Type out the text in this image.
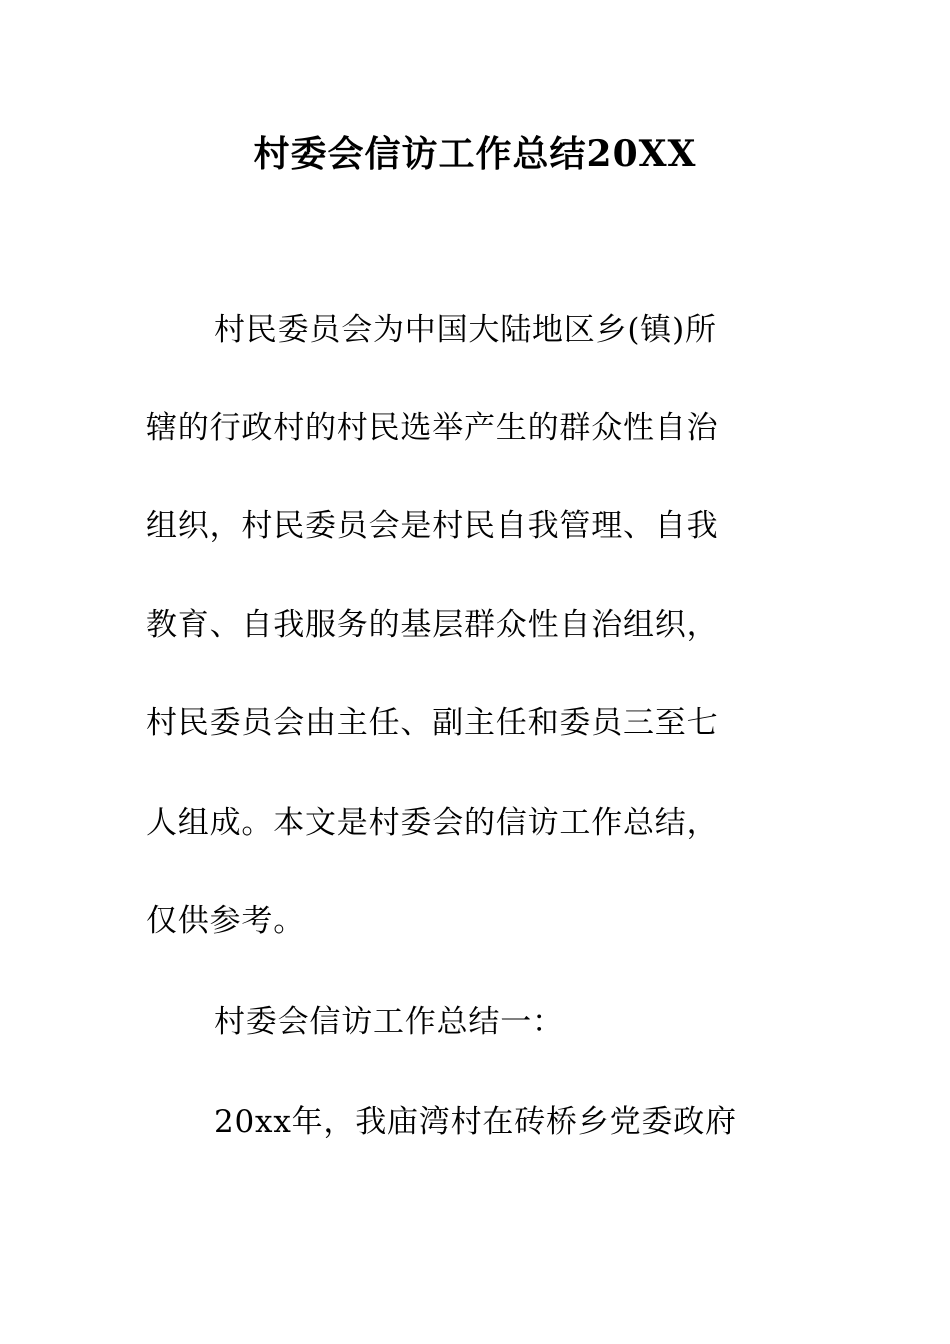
村委会信访工作总结20XX
村民委员会为中国大陆地区乡(镇)所
辖的行政村的村民选举产生的群众性自治
组织，村民委员会是村民自我管理、自我
教育、自我服务的基层群众性自治组织，
村民委员会由主任、副主任和委员三至七
人组成。本文是村委会的信访工作总结，
仅供参考。
村委会信访工作总结一：
20xx年，我庙湾村在砖桥乡党委政府
